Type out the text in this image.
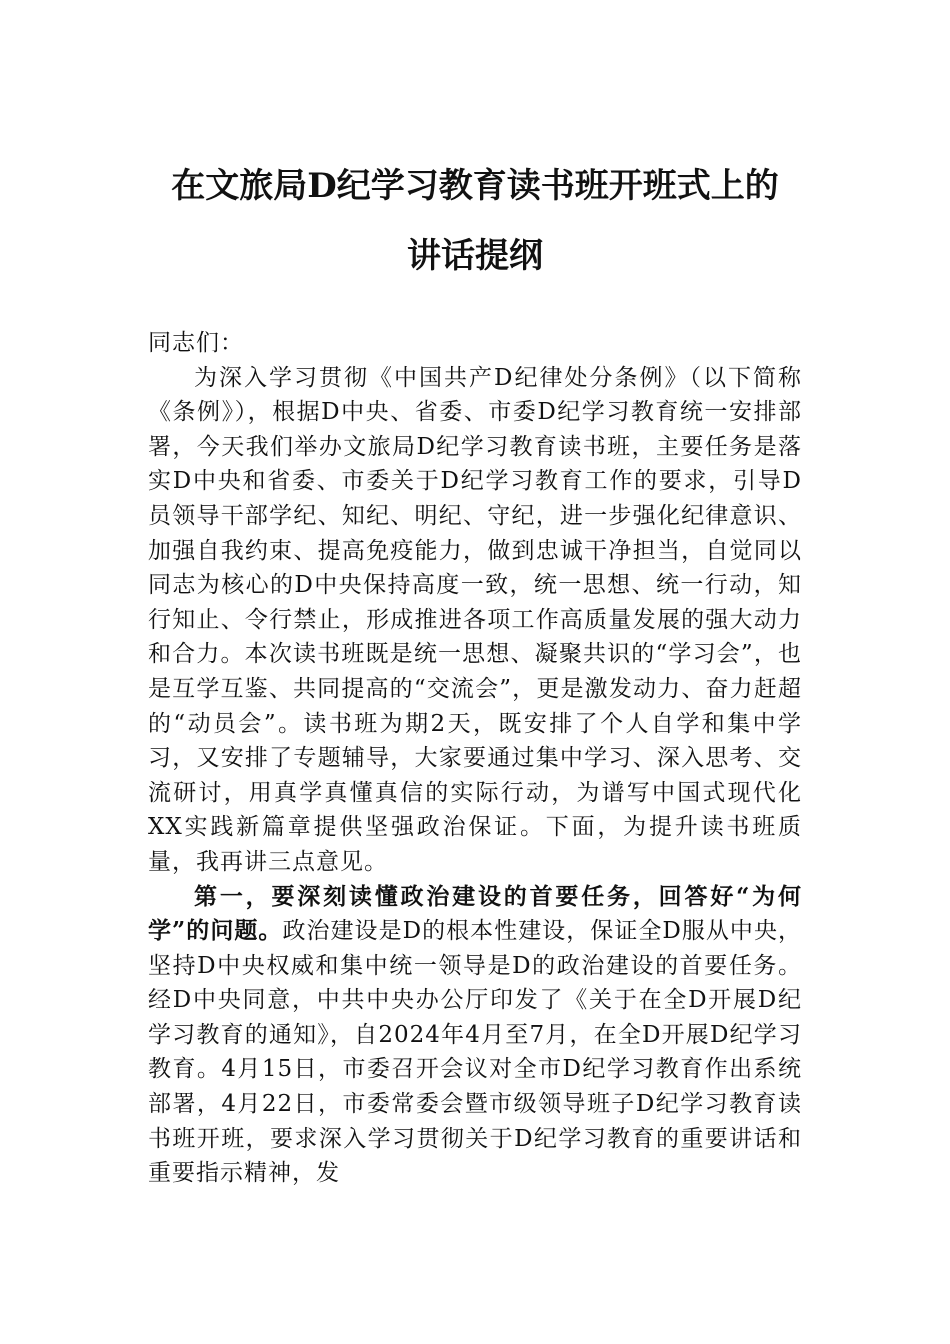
在文旅局D纪学习教育读书班开班式上的
讲话提纲

同志们：

为深入学习贯彻《中国共产D纪律处分条例》（以下简称《条例》），根据D中央、省委、市委D纪学习教育统一安排部署，今天我们举办文旅局D纪学习教育读书班，主要任务是落实D中央和省委、市委关于D纪学习教育工作的要求，引导D员领导干部学纪、知纪、明纪、守纪，进一步强化纪律意识、加强自我约束、提高免疫能力，做到忠诚干净担当，自觉同以同志为核心的D中央保持高度一致，统一思想、统一行动，知行知止、令行禁止，形成推进各项工作高质量发展的强大动力和合力。本次读书班既是统一思想、凝聚共识的“学习会”，也是互学互鉴、共同提高的“交流会”，更是激发动力、奋力赶超的“动员会”。读书班为期2天，既安排了个人自学和集中学习，又安排了专题辅导，大家要通过集中学习、深入思考、交流研讨，用真学真懂真信的实际行动，为谱写中国式现代化XX实践新篇章提供坚强政治保证。下面，为提升读书班质量，我再讲三点意见。

第一，要深刻读懂政治建设的首要任务，回答好“为何学”的问题。政治建设是D的根本性建设，保证全D服从中央，坚持D中央权威和集中统一领导是D的政治建设的首要任务。经D中央同意，中共中央办公厅印发了《关于在全D开展D纪学习教育的通知》，自2024年4月至7月，在全D开展D纪学习教育。4月15日，市委召开会议对全市D纪学习教育作出系统部署，4月22日，市委常委会暨市级领导班子D纪学习教育读书班开班，要求深入学习贯彻关于D纪学习教育的重要讲话和重要指示精神，发
